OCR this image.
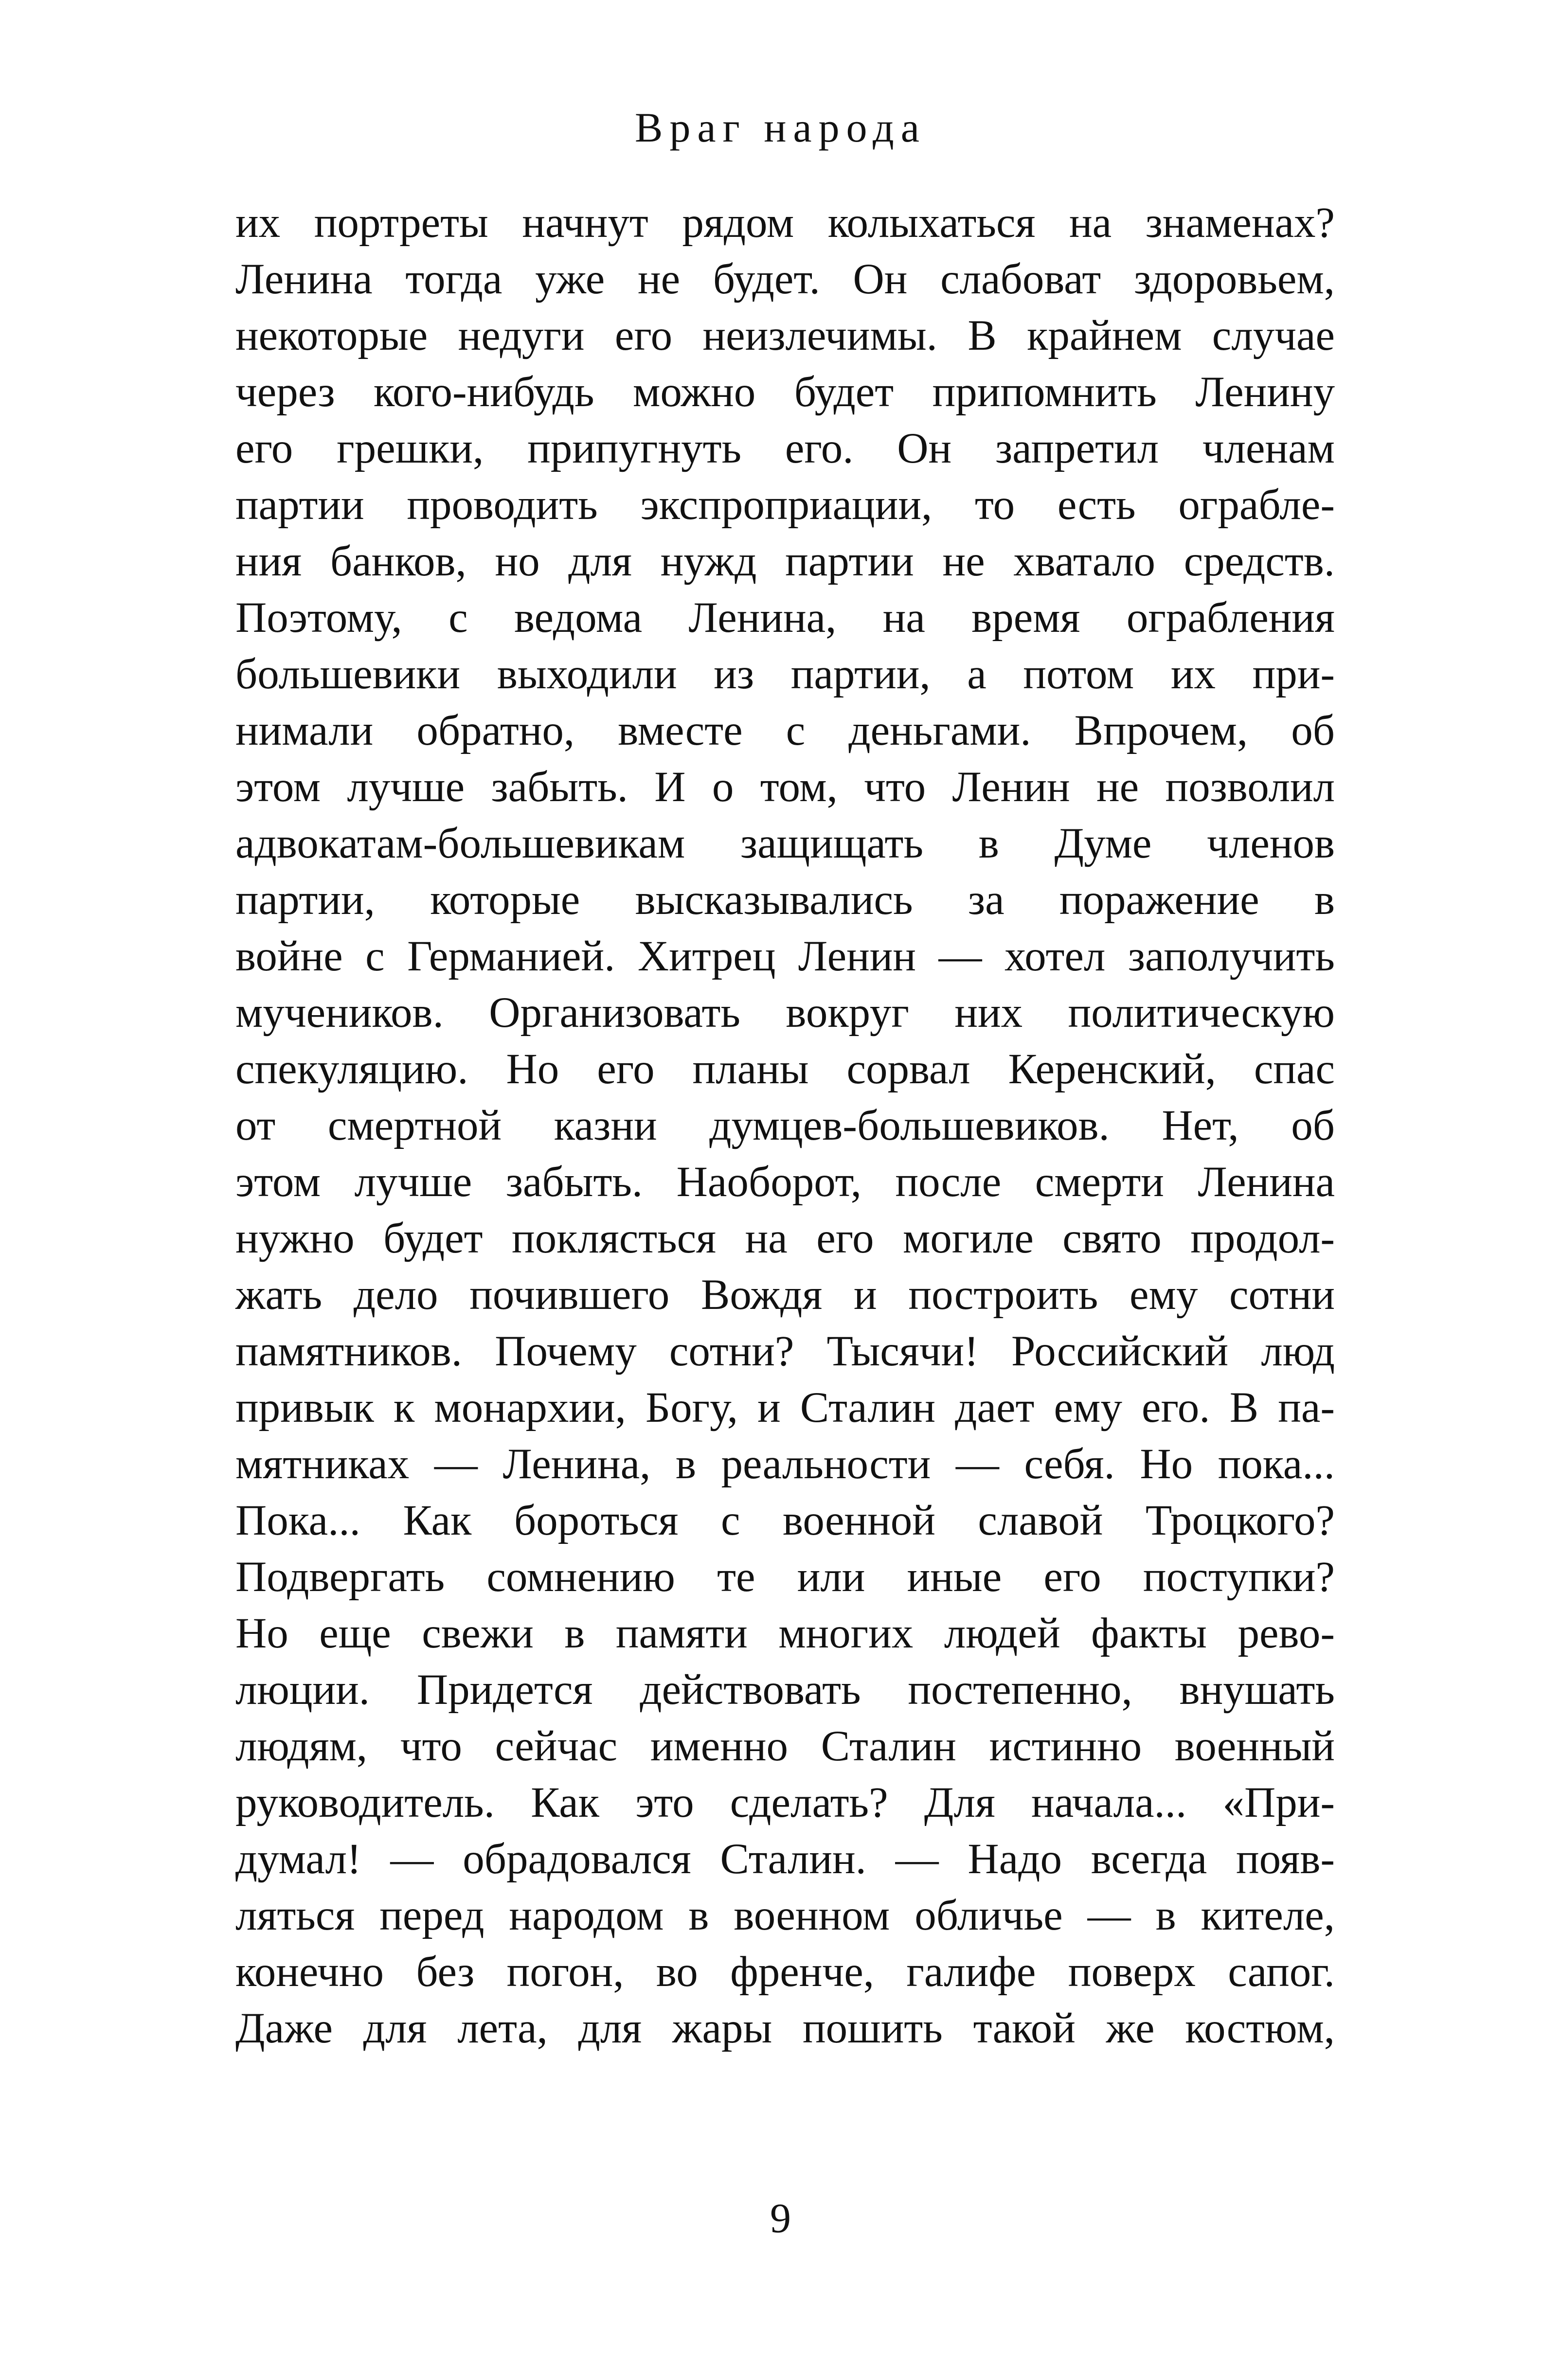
Враг народа
их портреты начнут рядом колыхаться на знаменах?
Ленина тогда уже не будет. Он слабоват здоровьем,
некоторые недуги его неизлечимы. В крайнем случае
через кого-нибудь можно будет припомнить Ленину
его грешки, припугнуть его. Он запретил членам
партии проводить экспроприации, то есть ограбле-
ния банков, но для нужд партии не хватало средств.
Поэтому, с ведома Ленина, на время ограбления
большевики выходили из партии, а потом их при-
нимали обратно, вместе с деньгами. Впрочем, об
этом лучше забыть. И о том, что Ленин не позволил
адвокатам-большевикам защищать в Думе членов
партии, которые высказывались за поражение в
войне с Германией. Хитрец Ленин — хотел заполучить
мучеников. Организовать вокруг них политическую
спекуляцию. Но его планы сорвал Керенский, спас
от смертной казни думцев-большевиков. Нет, об
этом лучше забыть. Наоборот, после смерти Ленина
нужно будет поклясться на его могиле свято продол-
жать дело почившего Вождя и построить ему сотни
памятников. Почему сотни? Тысячи! Российский люд
привык к монархии, Богу, и Сталин дает ему его. В па-
мятниках — Ленина, в реальности — себя. Но пока...
Пока... Как бороться с военной славой Троцкого?
Подвергать сомнению те или иные его поступки?
Но еще свежи в памяти многих людей факты рево-
люции. Придется действовать постепенно, внушать
людям, что сейчас именно Сталин истинно военный
руководитель. Как это сделать? Для начала... «При-
думал! — обрадовался Сталин. — Надо всегда появ-
ляться перед народом в военном обличье — в кителе,
конечно без погон, во френче, галифе поверх сапог.
Даже для лета, для жары пошить такой же костюм,
9
